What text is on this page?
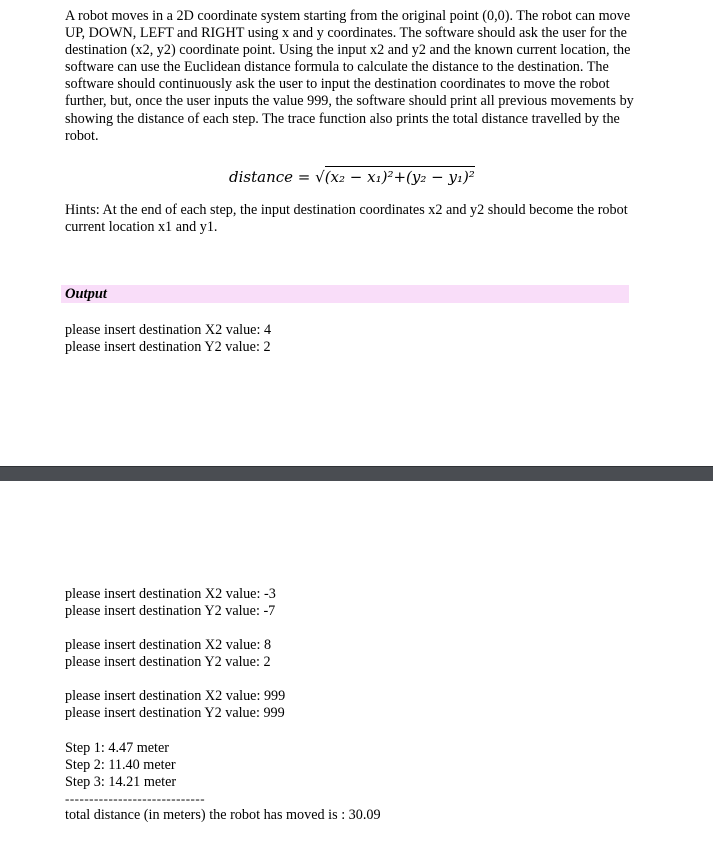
A robot moves in a 2D coordinate system starting from the original point (0,0). The robot can move UP, DOWN, LEFT and RIGHT using x and y coordinates. The software should ask the user for the destination (x2, y2) coordinate point. Using the input x2 and y2 and the known current location, the software can use the Euclidean distance formula to calculate the distance to the destination. The software should continuously ask the user to input the destination coordinates to move the robot further, but, once the user inputs the value 999, the software should print all previous movements by showing the distance of each step. The trace function also prints the total distance travelled by the robot.

distance = √(x₂ − x₁)²+(y₂ − y₁)²

Hints: At the end of each step, the input destination coordinates x2 and y2 should become the robot current location x1 and y1.

Output
please insert destination X2 value: 4
please insert destination Y2 value: 2
please insert destination X2 value: -3
please insert destination Y2 value: -7
please insert destination X2 value: 8
please insert destination Y2 value: 2
please insert destination X2 value: 999
please insert destination Y2 value: 999
Step 1: 4.47 meter
Step 2: 11.40 meter
Step 3: 14.21 meter
-----------------------------
total distance (in meters) the robot has moved is : 30.09
